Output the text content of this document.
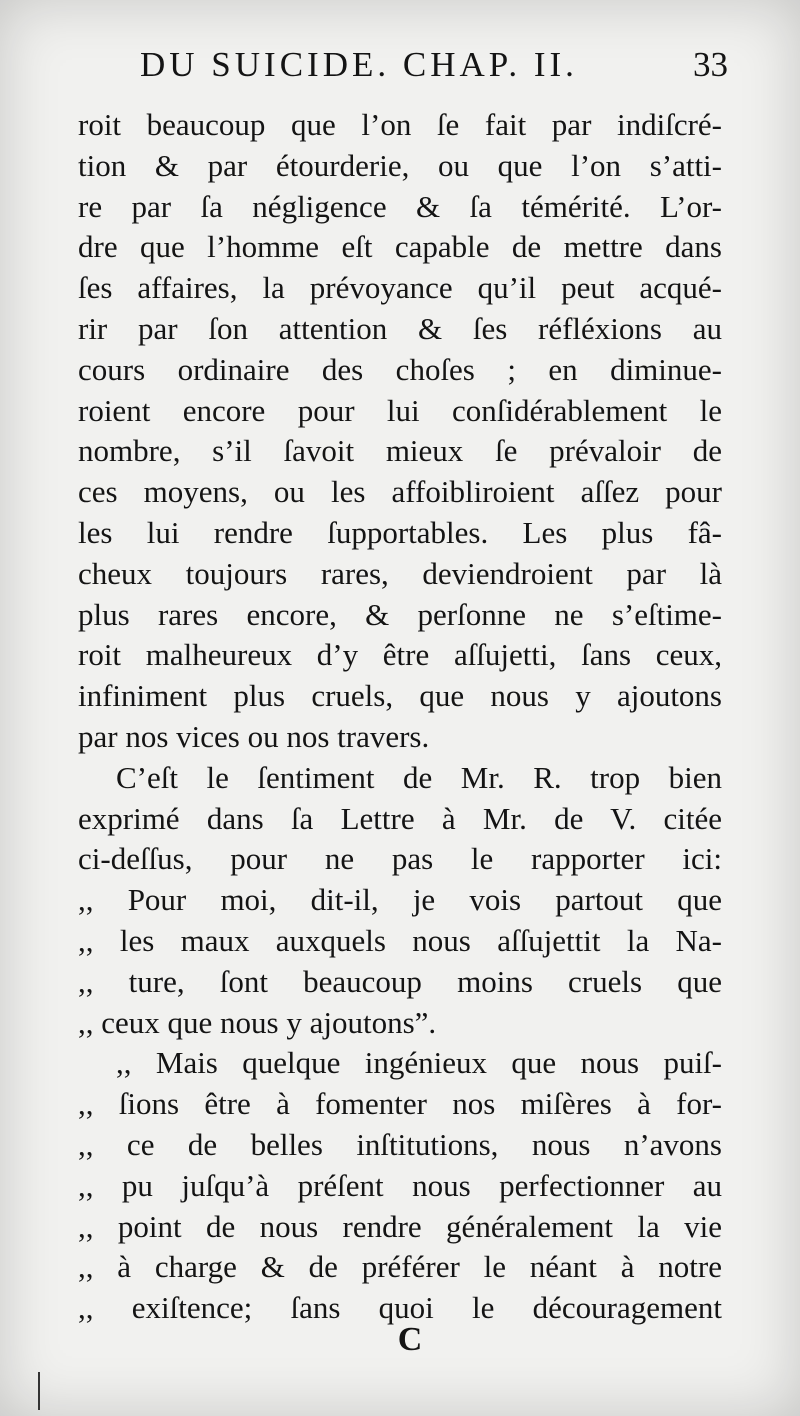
DU SUICIDE. CHAP. II.	33
roit beaucoup que l’on ſe fait par indiſcré-
tion & par étourderie, ou que l’on s’atti-
re par ſa négligence & ſa témérité. L’or-
dre que l’homme eſt capable de mettre dans
ſes affaires, la prévoyance qu’il peut acqué-
rir par ſon attention & ſes réfléxions au
cours ordinaire des choſes ; en diminue-
roient encore pour lui conſidérablement le
nombre, s’il ſavoit mieux ſe prévaloir de
ces moyens, ou les affoibliroient aſſez pour
les lui rendre ſupportables. Les plus fâ-
cheux toujours rares, deviendroient par là
plus rares encore, & perſonne ne s’eſtime-
roit malheureux d’y être aſſujetti, ſans ceux,
infiniment plus cruels, que nous y ajoutons
par nos vices ou nos travers.
C’eſt le ſentiment de Mr. R. trop bien
exprimé dans ſa Lettre à Mr. de V. citée
ci-deſſus, pour ne pas le rapporter ici:
,, Pour moi, dit-il, je vois partout que
,, les maux auxquels nous aſſujettit la Na-
,, ture, ſont beaucoup moins cruels que
,, ceux que nous y ajoutons”.
,, Mais quelque ingénieux que nous puiſ-
,, ſions être à fomenter nos miſères à for-
,, ce de belles inſtitutions, nous n’avons
,, pu juſqu’à préſent nous perfectionner au
,, point de nous rendre généralement la vie
,, à charge & de préférer le néant à notre
,, exiſtence; ſans quoi le découragement
C
